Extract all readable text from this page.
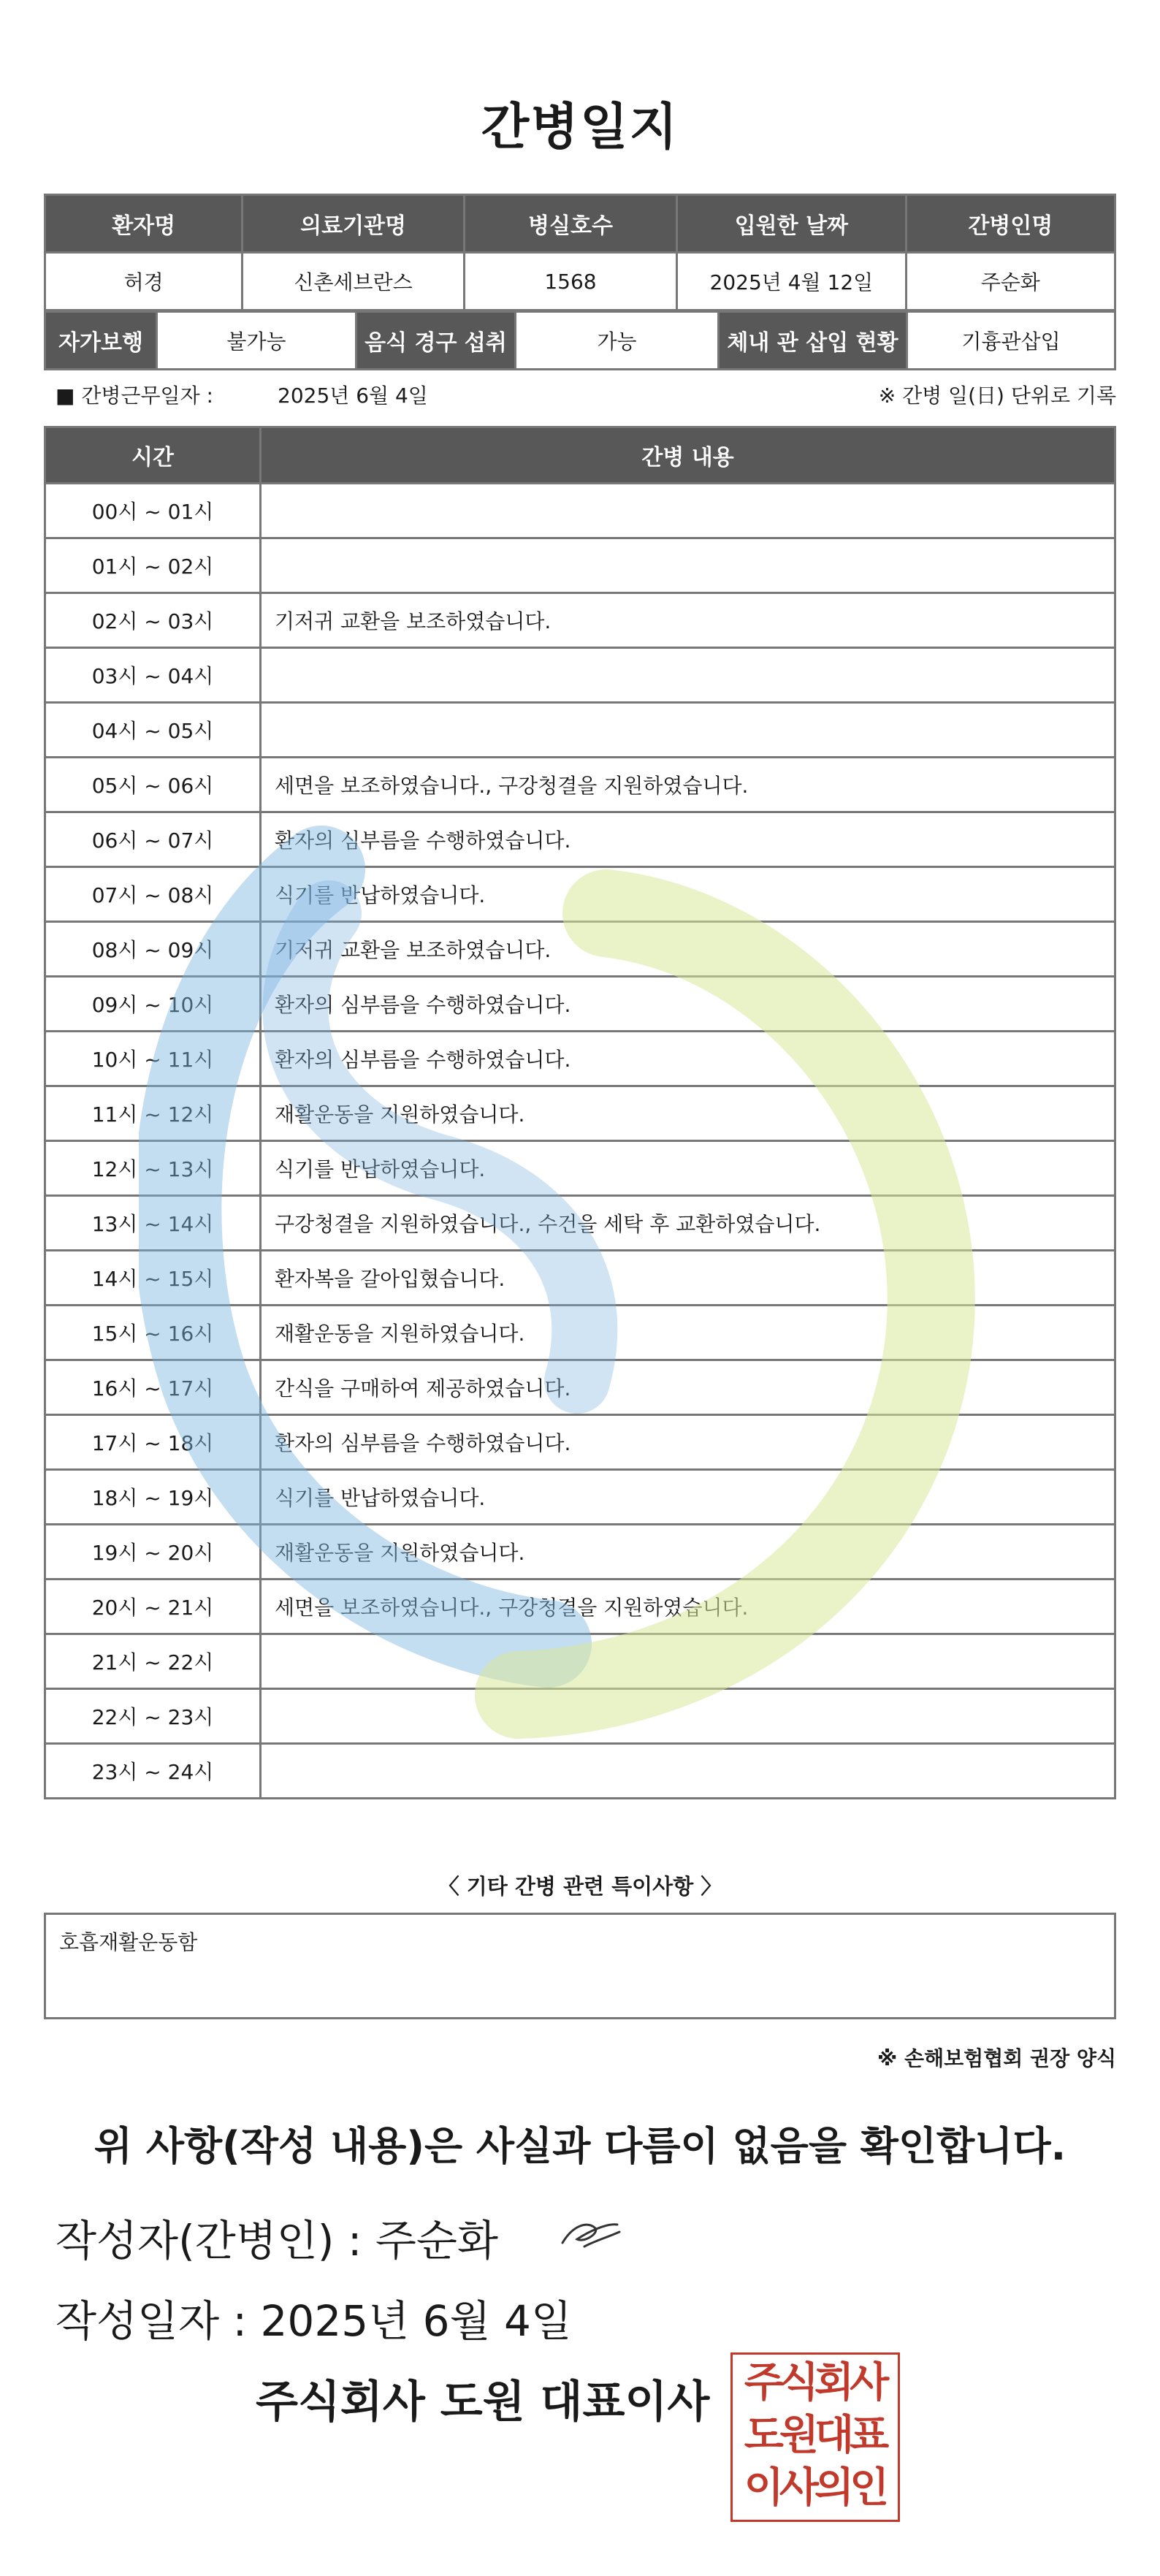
간병일지
환자명	의료기관명	병실호수	입원한 날짜	간병인명
허경	신촌세브란스	1568	2025년 4월 12일	주순화
자가보행	불가능	음식 경구 섭취	가능	체내 관 삽입 현황	기흉관삽입
■ 간병근무일자 :	2025년 6월 4일	※ 간병 일(日) 단위로 기록
시간	간병 내용
00시 ~ 01시	
01시 ~ 02시	
02시 ~ 03시	기저귀 교환을 보조하였습니다.
03시 ~ 04시	
04시 ~ 05시	
05시 ~ 06시	세면을 보조하였습니다., 구강청결을 지원하였습니다.
06시 ~ 07시	환자의 심부름을 수행하였습니다.
07시 ~ 08시	식기를 반납하였습니다.
08시 ~ 09시	기저귀 교환을 보조하였습니다.
09시 ~ 10시	환자의 심부름을 수행하였습니다.
10시 ~ 11시	환자의 심부름을 수행하였습니다.
11시 ~ 12시	재활운동을 지원하였습니다.
12시 ~ 13시	식기를 반납하였습니다.
13시 ~ 14시	구강청결을 지원하였습니다., 수건을 세탁 후 교환하였습니다.
14시 ~ 15시	환자복을 갈아입혔습니다.
15시 ~ 16시	재활운동을 지원하였습니다.
16시 ~ 17시	간식을 구매하여 제공하였습니다.
17시 ~ 18시	환자의 심부름을 수행하였습니다.
18시 ~ 19시	식기를 반납하였습니다.
19시 ~ 20시	재활운동을 지원하였습니다.
20시 ~ 21시	세면을 보조하였습니다., 구강청결을 지원하였습니다.
21시 ~ 22시	
22시 ~ 23시	
23시 ~ 24시	
〈 기타 간병 관련 특이사항 〉
호흡재활운동함
※ 손해보험협회 권장 양식
위 사항(작성 내용)은 사실과 다름이 없음을 확인합니다.
작성자(간병인) : 주순화
작성일자 : 2025년 6월 4일
주식회사 도원 대표이사 주식회사
도원대표
이사의인
